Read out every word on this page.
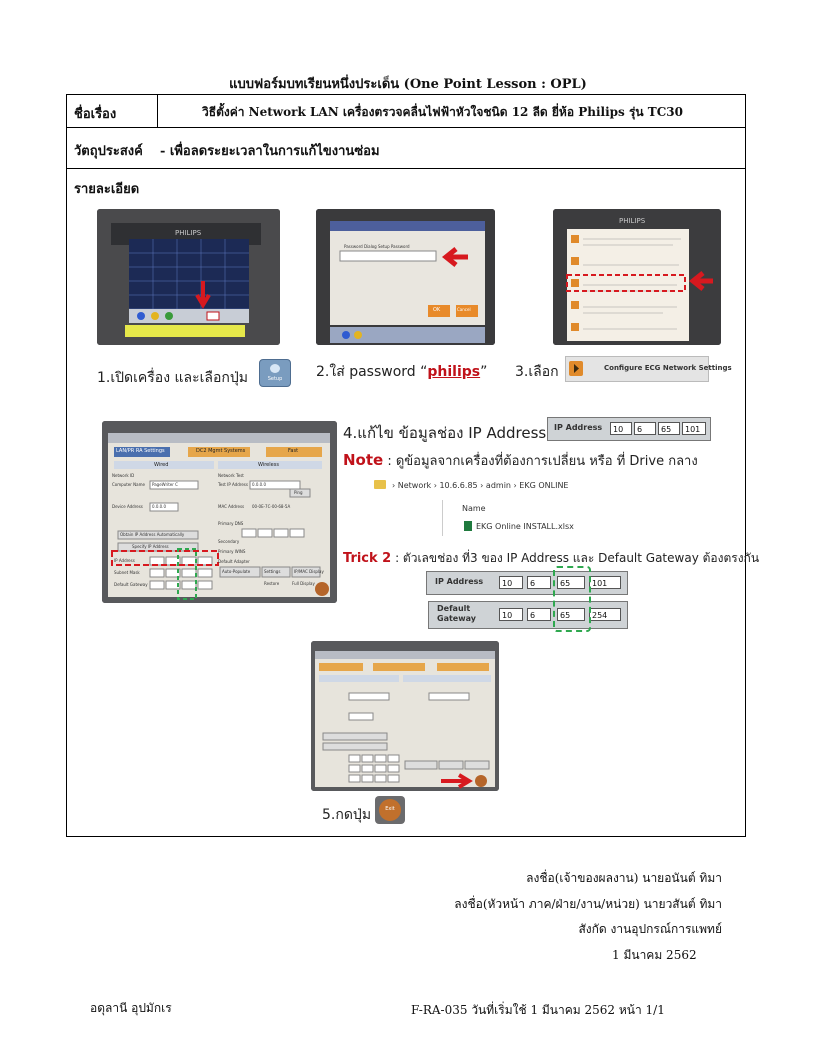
แบบฟอร์มบทเรียนหนึ่งประเด็น (One Point Lesson : OPL)
ชื่อเรื่อง	วิธีตั้งค่า Network LAN เครื่องตรวจคลื่นไฟฟ้าหัวใจชนิด 12 ลีด ยี่ห้อ Philips รุ่น TC30
วัตถุประสงค์ - เพื่อลดระยะเวลาในการแก้ไขงานซ่อม
รายละเอียด
PHILIPS
Password Dialog Setup Password
OK	Cancel
PHILIPS
1.เปิดเครื่อง และเลือกปุ่ม	Setup	2.ใส่ password “philips” 3.เลือก	Configure ECG Network Settings
LAN/PR RA Settings	DC2 Mgmt Systems	Fast
Wired	Wireless
Network ID
Computer Name PageWriter C
Device Address 0.0.0.0
Network Test
Test IP Address 0.0.0.0
Ping
MAC Address 00-0E-7C-00-68-5A
Obtain IP Address Automatically
Specify IP Address
IP Address
Subnet Mask
Default Gateway
Primary DNS
Secondary
Primary WINS
Default Adapter
Auto-Populate	Settings	IP/MAC Display
Restore	Full Display
4.แก้ไข ข้อมูลช่อง IP Address IP Address	10	6	65	101
Note : ดูข้อมูลจากเครื่องที่ต้องการเปลี่ยน หรือ ที่ Drive กลาง
› Network › 10.6.6.85 › admin › EKG ONLINE
Name
EKG Online INSTALL.xlsx
Trick 2 : ตัวเลขช่อง ที่3 ของ IP Address และ Default Gateway ต้องตรงกัน
IP Address	10	6	65	101
Default Gateway	10	6	65	254
5.กดปุ่ม	Exit
ลงชื่อ(เจ้าของผลงาน) นายอนันต์ ทิมา
ลงชื่อ(หัวหน้า ภาค/ฝ่าย/งาน/หน่วย) นายวสันต์ ทิมา
สังกัด งานอุปกรณ์การแพทย์
1 มีนาคม 2562
อดุลานี อุปมักเร	F-RA-035 วันที่เริ่มใช้ 1 มีนาคม 2562 หน้า 1/1
